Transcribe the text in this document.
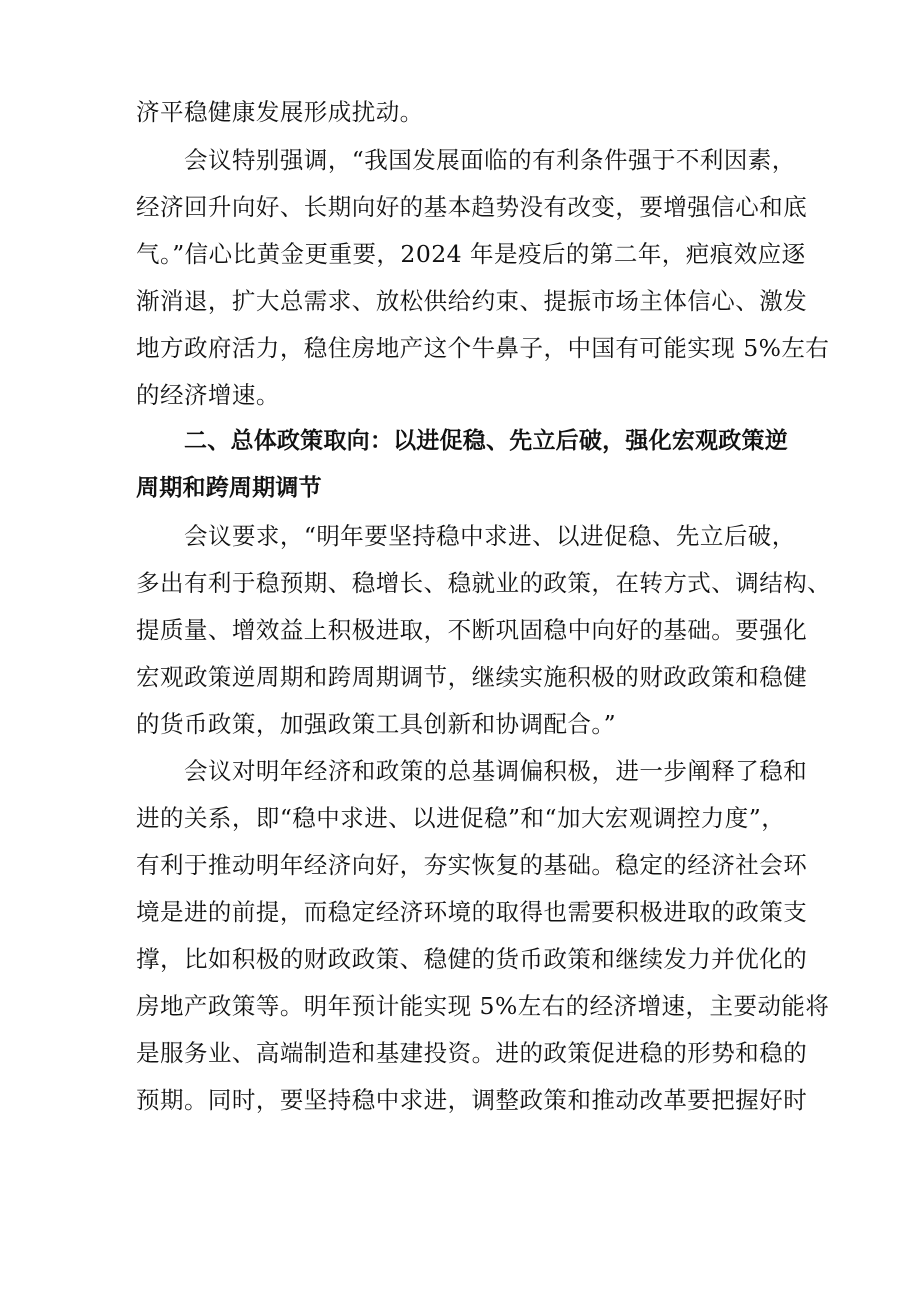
济平稳健康发展形成扰动。
会议特别强调，“我国发展面临的有利条件强于不利因素，
经济回升向好、长期向好的基本趋势没有改变，要增强信心和底
气。”信心比黄金更重要，2024 年是疫后的第二年，疤痕效应逐
渐消退，扩大总需求、放松供给约束、提振市场主体信心、激发
地方政府活力，稳住房地产这个牛鼻子，中国有可能实现 5%左右
的经济增速。
二、总体政策取向：以进促稳、先立后破，强化宏观政策逆
周期和跨周期调节
会议要求，“明年要坚持稳中求进、以进促稳、先立后破，
多出有利于稳预期、稳增长、稳就业的政策，在转方式、调结构、
提质量、增效益上积极进取，不断巩固稳中向好的基础。要强化
宏观政策逆周期和跨周期调节，继续实施积极的财政政策和稳健
的货币政策，加强政策工具创新和协调配合。”
会议对明年经济和政策的总基调偏积极，进一步阐释了稳和
进的关系，即“稳中求进、以进促稳”和“加大宏观调控力度”，
有利于推动明年经济向好，夯实恢复的基础。稳定的经济社会环
境是进的前提，而稳定经济环境的取得也需要积极进取的政策支
撑，比如积极的财政政策、稳健的货币政策和继续发力并优化的
房地产政策等。明年预计能实现 5%左右的经济增速，主要动能将
是服务业、高端制造和基建投资。进的政策促进稳的形势和稳的
预期。同时，要坚持稳中求进，调整政策和推动改革要把握好时
